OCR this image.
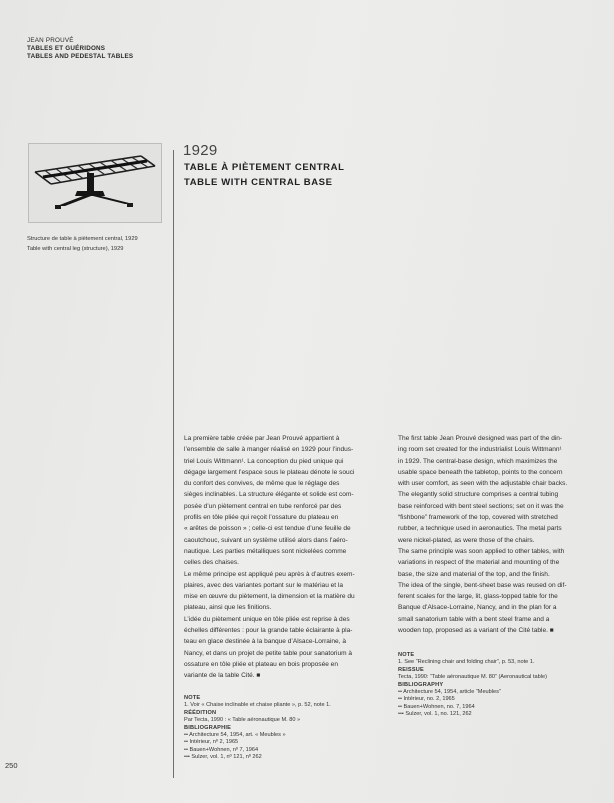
JEAN PROUVÉ
TABLES ET GUÉRIDONS
TABLES AND PEDESTAL TABLES
Structure de table à piètement central, 1929
Table with central leg (structure), 1929
1929
TABLE À PIÈTEMENT CENTRAL
TABLE WITH CENTRAL BASE

La première table créée par Jean Prouvé appartient à

l’ensemble de salle à manger réalisé en 1929 pour l’indus-

triel Louis Wittmann¹. La conception du pied unique qui

dégage largement l’espace sous le plateau dénote le souci

du confort des convives, de même que le réglage des

sièges inclinables. La structure élégante et solide est com-

posée d’un piètement central en tube renforcé par des

profils en tôle pliée qui reçoit l’ossature du plateau en

« arêtes de poisson » ; celle-ci est tendue d’une feuille de

caoutchouc, suivant un système utilisé alors dans l’aéro-

nautique. Les parties métalliques sont nickelées comme

celles des chaises.

Le même principe est appliqué peu après à d’autres exem-

plaires, avec des variantes portant sur le matériau et la

mise en œuvre du piètement, la dimension et la matière du

plateau, ainsi que les finitions.

L’idée du piètement unique en tôle pliée est reprise à des

échelles différentes : pour la grande table éclairante à pla-

teau en glace destinée à la banque d’Alsace-Lorraine, à

Nancy, et dans un projet de petite table pour sanatorium à

ossature en tôle pliée et plateau en bois proposée en

variante de la table Cité. ■

The first table Jean Prouvé designed was part of the din-

ing room set created for the industrialist Louis Wittmann¹

in 1929. The central-base design, which maximizes the

usable space beneath the tabletop, points to the concern

with user comfort, as seen with the adjustable chair backs.

The elegantly solid structure comprises a central tubing

base reinforced with bent steel sections; set on it was the

“fishbone” framework of the top, covered with stretched

rubber, a technique used in aeronautics. The metal parts

were nickel-plated, as were those of the chairs.

The same principle was soon applied to other tables, with

variations in respect of the material and mounting of the

base, the size and material of the top, and the finish.

The idea of the single, bent-sheet base was reused on dif-

ferent scales for the large, lit, glass-topped table for the

Banque d’Alsace-Lorraine, Nancy, and in the plan for a

small sanatorium table with a bent steel frame and a

wooden top, proposed as a variant of the Cité table. ■

NOTE
1. See “Reclining chair and folding chair”, p. 53, note 1.
REISSUE
Tecta, 1990: “Table aéronautique M. 80” (Aeronautical table)
BIBLIOGRAPHY
•• Architecture 54, 1954, article “Meubles”
•• Intérieur, no. 2, 1965
•• Bauen+Wohnen, no. 7, 1964
••• Sulzer, vol. 1, no. 121, 262
NOTE
1. Voir « Chaise inclinable et chaise pliante », p. 52, note 1.
RÉÉDITION
Par Tecta, 1990 : « Table aéronautique M. 80 »
BIBLIOGRAPHIE
•• Architecture 54, 1954, art. « Meubles »
•• Intérieur, nº 2, 1965
•• Bauen+Wohnen, nº 7, 1964
••• Sulzer, vol. 1, nº 121, nº 262
250
